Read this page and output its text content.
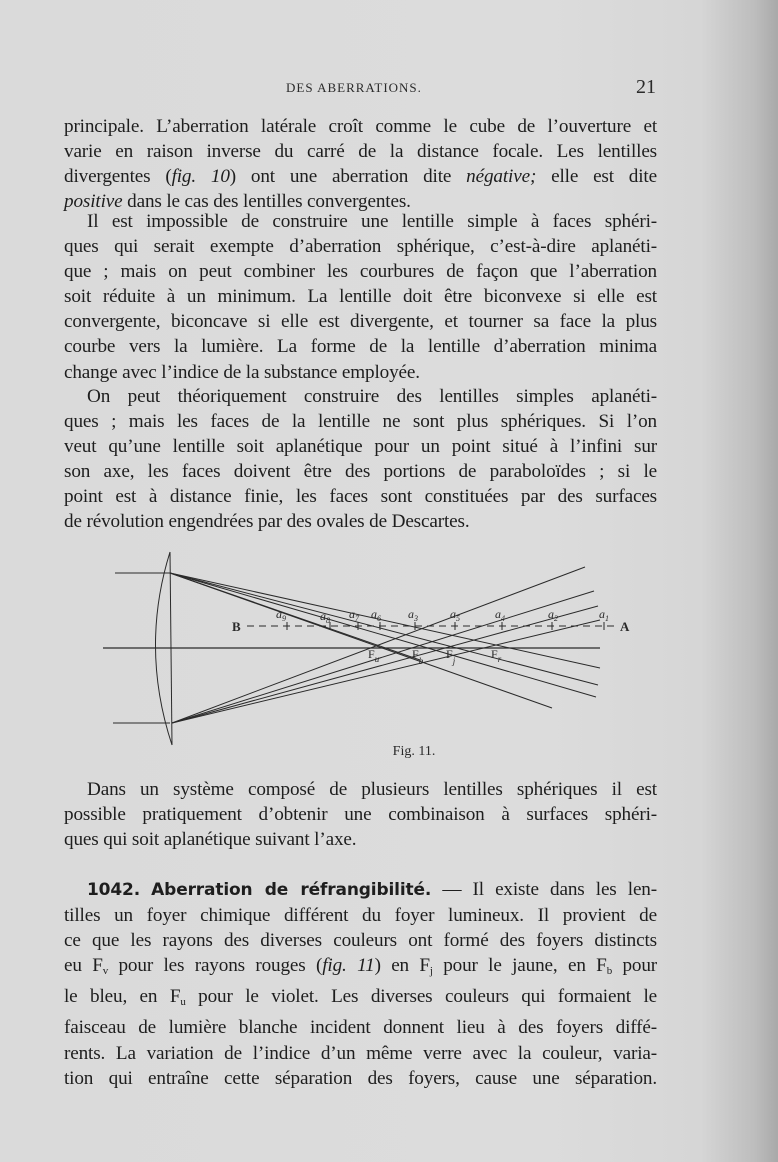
DES ABERRATIONS.	21
principale. L’aberration latérale croît comme le cube de l’ouverture et
varie en raison inverse du carré de la distance focale. Les lentilles
divergentes (fig. 10) ont une aberration dite négative; elle est dite
positive dans le cas des lentilles convergentes.
Il est impossible de construire une lentille simple à faces sphéri-
ques qui serait exempte d’aberration sphérique, c’est-à-dire aplanéti-
que ; mais on peut combiner les courbures de façon que l’aberration
soit réduite à un minimum. La lentille doit être biconvexe si elle est
convergente, biconcave si elle est divergente, et tourner sa face la plus
courbe vers la lumière. La forme de la lentille d’aberration minima
change avec l’indice de la substance employée.
On peut théoriquement construire des lentilles simples aplanéti-
ques ; mais les faces de la lentille ne sont plus sphériques. Si l’on
veut qu’une lentille soit aplanétique pour un point situé à l’infini sur
son axe, les faces doivent être des portions de paraboloïdes ; si le
point est à distance finie, les faces sont constituées par des surfaces
de révolution engendrées par des ovales de Descartes.
B	A
$a_9$	$a_8$ $a_7$ $a_6$ $a_3$	$a_5$	$a_4$	$a_2$	$a_1$
$F_u$	$F_b$ $F_j$	$F_r$
Fig. 11.
Dans un système composé de plusieurs lentilles sphériques il est
possible pratiquement d’obtenir une combinaison à surfaces sphéri-
ques qui soit aplanétique suivant l’axe.
1042. Aberration de réfrangibilité. — Il existe dans les len-
tilles un foyer chimique différent du foyer lumineux. Il provient de
ce que les rayons des diverses couleurs ont formé des foyers distincts
eu $F_v$ pour les rayons rouges (fig. 11) en $F_j$ pour le jaune, en $F_b$ pour
le bleu, en $F_u$ pour le violet. Les diverses couleurs qui formaient le
faisceau de lumière blanche incident donnent lieu à des foyers diffé-
rents. La variation de l’indice d’un même verre avec la couleur, varia-
tion qui entraîne cette séparation des foyers, cause une séparation.
